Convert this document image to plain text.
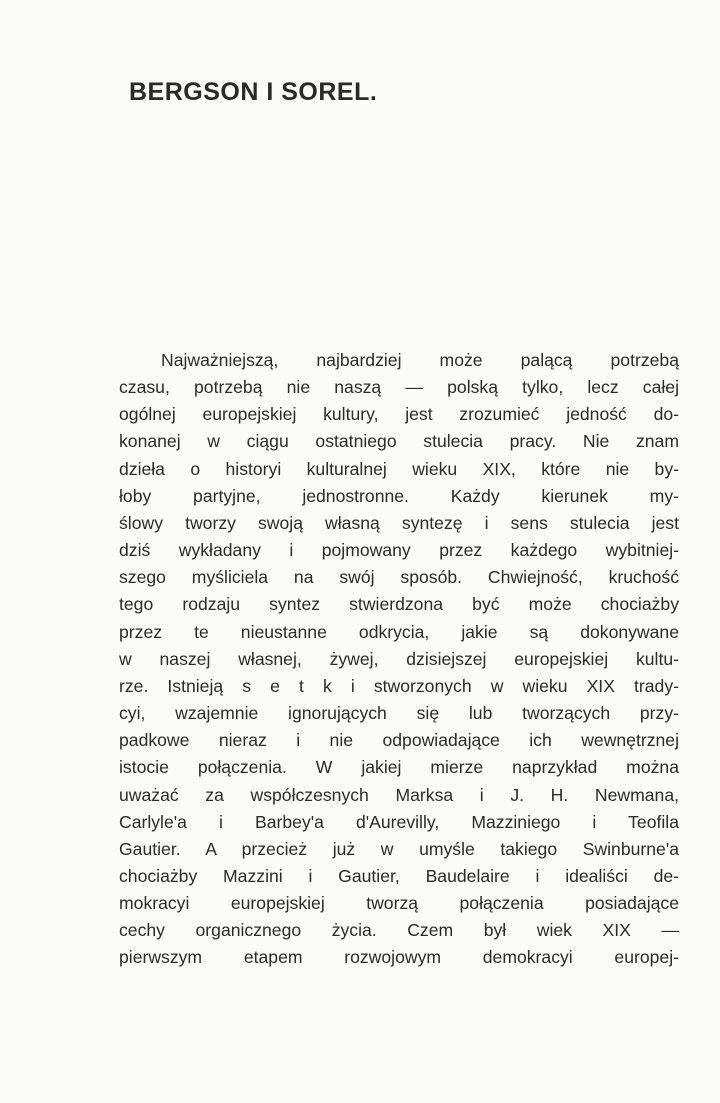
BERGSON I SOREL.
Najważniejszą, najbardziej może palącą potrzebą
czasu, potrzebą nie naszą — polską tylko, lecz całej
ogólnej europejskiej kultury, jest zrozumieć jedność do-
konanej w ciągu ostatniego stulecia pracy. Nie znam
dzieła o historyi kulturalnej wieku XIX, które nie by-
łoby partyjne, jednostronne. Każdy kierunek my-
ślowy tworzy swoją własną syntezę i sens stulecia jest
dziś wykładany i pojmowany przez każdego wybitniej-
szego myśliciela na swój sposób. Chwiejność, kruchość
tego rodzaju syntez stwierdzona być może chociażby
przez te nieustanne odkrycia, jakie są dokonywane
w naszej własnej, żywej, dzisiejszej europejskiej kultu-
rze. Istnieją s e t k i stworzonych w wieku XIX trady-
cyi, wzajemnie ignorujących się lub tworzących przy-
padkowe nieraz i nie odpowiadające ich wewnętrznej
istocie połączenia. W jakiej mierze naprzykład można
uważać za współczesnych Marksa i J. H. Newmana,
Carlyle'a i Barbey'a d'Aurevilly, Mazziniego i Teofila
Gautier. A przecież już w umyśle takiego Swinburne'a
chociażby Mazzini i Gautier, Baudelaire i idealiści de-
mokracyi europejskiej tworzą połączenia posiadające
cechy organicznego życia. Czem był wiek XIX —
pierwszym etapem rozwojowym demokracyi europej-
